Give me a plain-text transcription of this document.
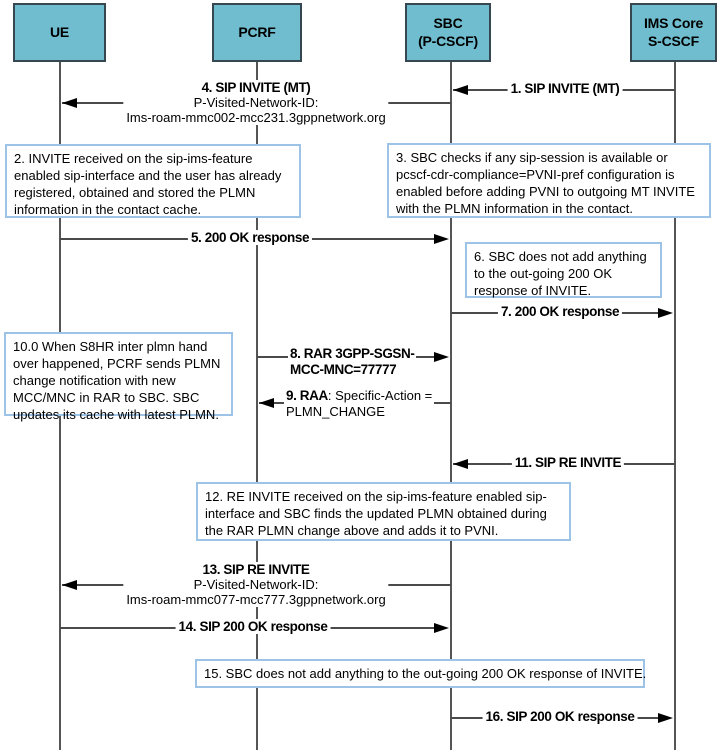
UE	PCRF
SBC
(P-CSCF)
IMS Core
S-CSCF
1. SIP INVITE (MT)
4. SIP INVITE (MT)
P-Visited-Network-ID:
Ims-roam-mmc002-mcc231.3gppnetwork.org
2. INVITE received on the sip-ims-feature enabled sip-interface and the user has already registered, obtained and stored the PLMN information in the contact cache.
3. SBC checks if any sip-session is available or pcscf-cdr-compliance=PVNI-pref configuration is enabled before adding PVNI to outgoing MT INVITE with the PLMN information in the contact.
5. 200 OK response
6. SBC does not add anything to the out-going 200 OK response of INVITE.
7. 200 OK response
10.0 When S8HR inter plmn hand over happened, PCRF sends PLMN change notification with new MCC/MNC in RAR to SBC. SBC updates its cache with latest PLMN.
8. RAR 3GPP-SGSN-
MCC-MNC=77777
9. RAA: Specific-Action =
PLMN_CHANGE
11. SIP RE INVITE
12. RE INVITE received on the sip-ims-feature enabled sip-interface and SBC finds the updated PLMN obtained during the RAR PLMN change above and adds it to PVNI.
13. SIP RE INVITE
P-Visited-Network-ID:
Ims-roam-mmc077-mcc777.3gppnetwork.org
14. SIP 200 OK response
15. SBC does not add anything to the out-going 200 OK response of INVITE.
16. SIP 200 OK response
